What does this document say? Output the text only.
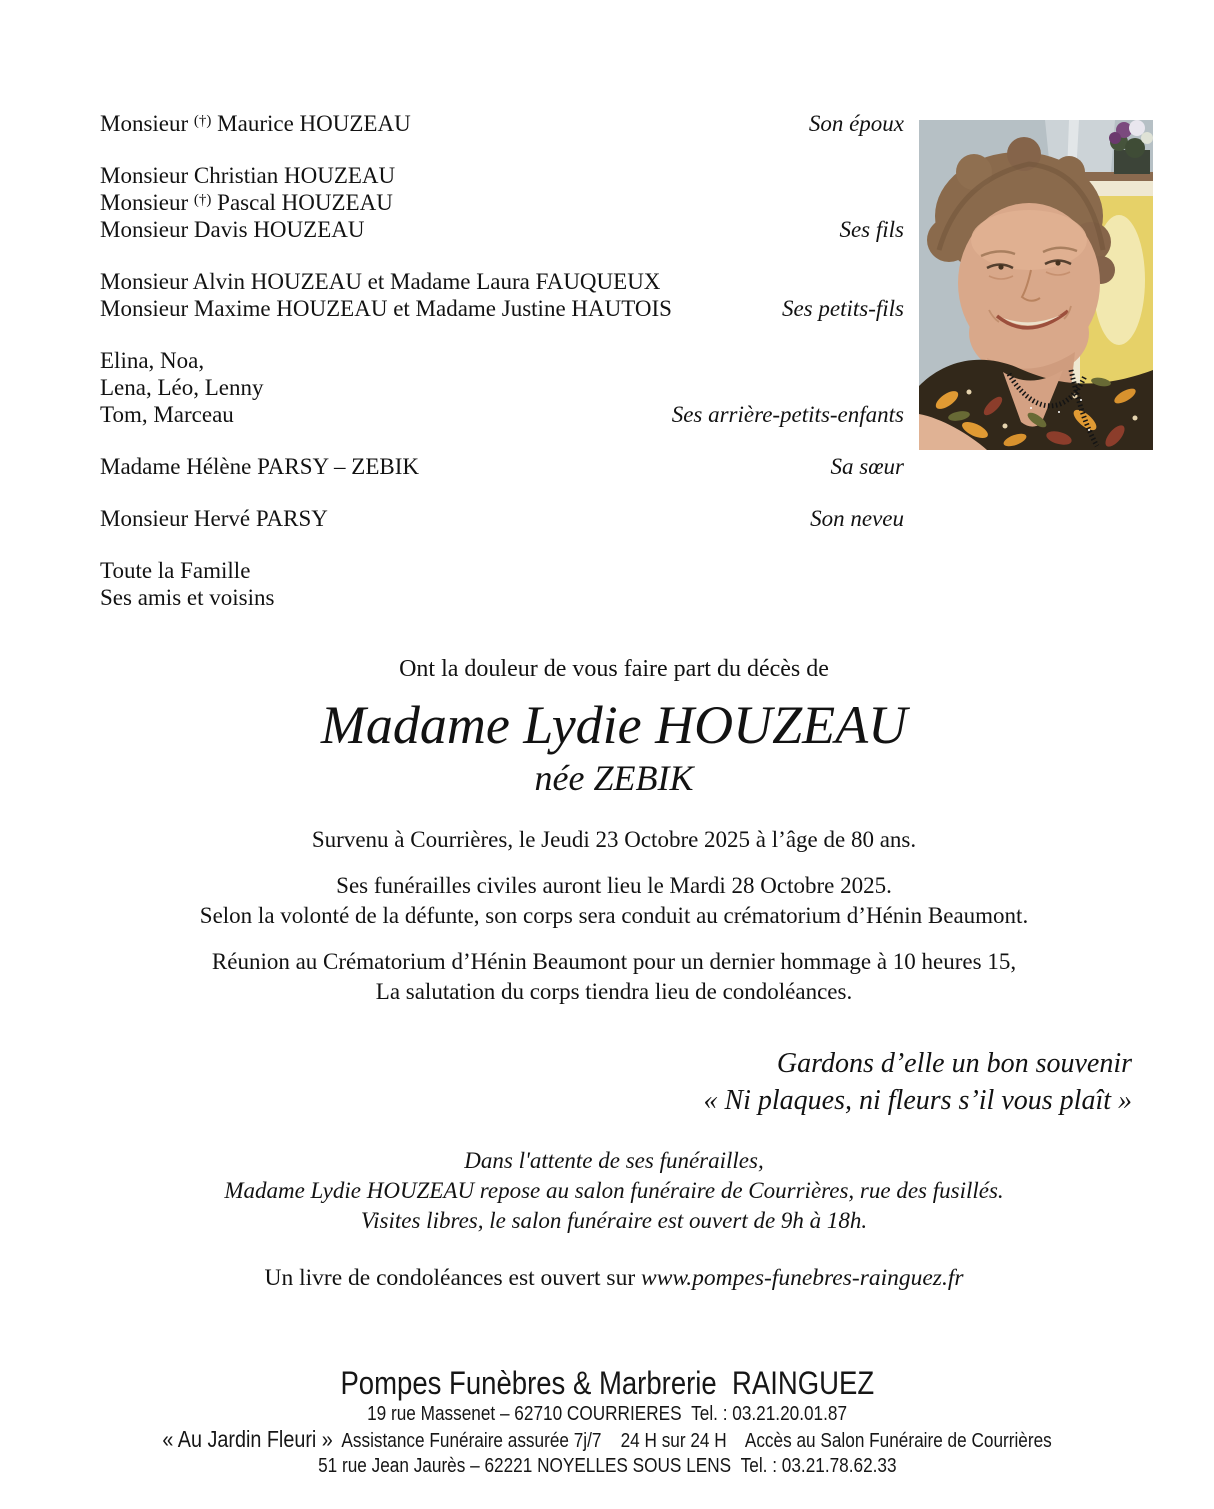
Monsieur (†) Maurice HOUZEAU	Son époux
Monsieur Christian HOUZEAU
Monsieur (†) Pascal HOUZEAU
Monsieur Davis HOUZEAU	Ses fils
Monsieur Alvin HOUZEAU et Madame Laura FAUQUEUX
Monsieur Maxime HOUZEAU et Madame Justine HAUTOIS	Ses petits-fils
Elina, Noa,
Lena, Léo, Lenny
Tom, Marceau	Ses arrière-petits-enfants
Madame Hélène PARSY – ZEBIK	Sa sœur
Monsieur Hervé PARSY	Son neveu
Toute la Famille
Ses amis et voisins

Ont la douleur de vous faire part du décès de

Madame Lydie HOUZEAU
née ZEBIK

Survenu à Courrières, le Jeudi 23 Octobre 2025 à l’âge de 80 ans.

Ses funérailles civiles auront lieu le Mardi 28 Octobre 2025.

Selon la volonté de la défunte, son corps sera conduit au crématorium d’Hénin Beaumont.

Réunion au Crématorium d’Hénin Beaumont pour un dernier hommage à 10 heures 15,

La salutation du corps tiendra lieu de condoléances.

Gardons d’elle un bon souvenir
« Ni plaques, ni fleurs s’il vous plaît »

Dans l'attente de ses funérailles,

Madame Lydie HOUZEAU repose au salon funéraire de Courrières, rue des fusillés.

Visites libres, le salon funéraire est ouvert de 9h à 18h.

Un livre de condoléances est ouvert sur www.pompes-funebres-rainguez.fr
Pompes Funèbres & Marbrerie  RAINGUEZ
19 rue Massenet – 62710 COURRIERES  Tel. : 03.21.20.01.87
« Au Jardin Fleuri »  Assistance Funéraire assurée 7j/7    24 H sur 24 H    Accès au Salon Funéraire de Courrières
51 rue Jean Jaurès – 62221 NOYELLES SOUS LENS  Tel. : 03.21.78.62.33
